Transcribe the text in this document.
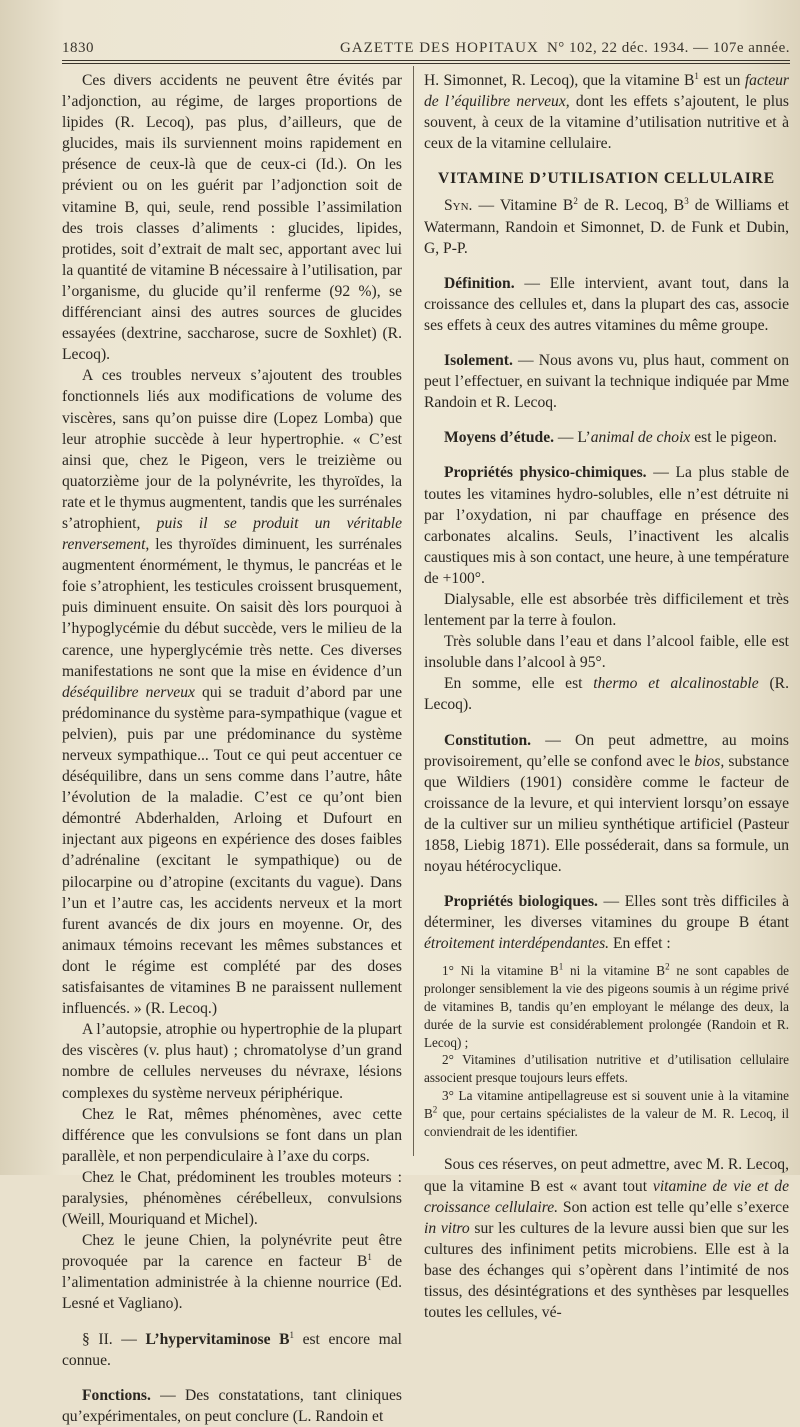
1830	GAZETTE DES HOPITAUX N° 102, 22 déc. 1934. — 107e année.

Ces divers accidents ne peuvent être évités par l’adjonction, au régime, de larges proportions de lipides (R. Lecoq), pas plus, d’ailleurs, que de glucides, mais ils surviennent moins rapidement en présence de ceux-là que de ceux-ci (Id.). On les prévient ou on les guérit par l’adjonction soit de vitamine B, qui, seule, rend possible l’assimilation des trois classes d’aliments : glucides, lipides, protides, soit d’extrait de malt sec, apportant avec lui la quantité de vitamine B nécessaire à l’utilisation, par l’organisme, du glucide qu’il renferme (92 %), se différenciant ainsi des autres sources de glucides essayées (dextrine, saccharose, sucre de Soxhlet) (R. Lecoq).

A ces troubles nerveux s’ajoutent des troubles fonctionnels liés aux modifications de volume des viscères, sans qu’on puisse dire (Lopez Lomba) que leur atrophie succède à leur hypertrophie. « C’est ainsi que, chez le Pigeon, vers le treizième ou quatorzième jour de la polynévrite, les thyroïdes, la rate et le thymus augmentent, tandis que les surrénales s’atrophient, puis il se produit un véritable renversement, les thyroïdes diminuent, les surrénales augmentent énormément, le thymus, le pancréas et le foie s’atrophient, les testicules croissent brusquement, puis diminuent ensuite. On saisit dès lors pourquoi à l’hypoglycémie du début succède, vers le milieu de la carence, une hyperglycémie très nette. Ces diverses manifestations ne sont que la mise en évidence d’un déséquilibre nerveux qui se traduit d’abord par une prédominance du système para-sympathique (vague et pelvien), puis par une prédominance du système nerveux sympathique... Tout ce qui peut accentuer ce déséquilibre, dans un sens comme dans l’autre, hâte l’évolution de la maladie. C’est ce qu’ont bien démontré Abderhalden, Arloing et Dufourt en injectant aux pigeons en expérience des doses faibles d’adrénaline (excitant le sympathique) ou de pilocarpine ou d’atropine (excitants du vague). Dans l’un et l’autre cas, les accidents nerveux et la mort furent avancés de dix jours en moyenne. Or, des animaux témoins recevant les mêmes substances et dont le régime est complété par des doses satisfaisantes de vitamines B ne paraissent nullement influencés. » (R. Lecoq.)

A l’autopsie, atrophie ou hypertrophie de la plupart des viscères (v. plus haut) ; chromatolyse d’un grand nombre de cellules nerveuses du névraxe, lésions complexes du système nerveux périphérique.

Chez le Rat, mêmes phénomènes, avec cette différence que les convulsions se font dans un plan parallèle, et non perpendiculaire à l’axe du corps.

Chez le Chat, prédominent les troubles moteurs : paralysies, phénomènes cérébelleux, convulsions (Weill, Mouriquand et Michel).

Chez le jeune Chien, la polynévrite peut être provoquée par la carence en facteur $B^1$ de l’alimentation administrée à la chienne nourrice (Ed. Lesné et Vagliano).

§ II. — L’hypervitaminose $B^1$ est encore mal connue.

Fonctions. — Des constatations, tant cliniques qu’expérimentales, on peut conclure (L. Randoin et

H. Simonnet, R. Lecoq), que la vitamine $B^1$ est un facteur de l’équilibre nerveux, dont les effets s’ajoutent, le plus souvent, à ceux de la vitamine d’utilisation nutritive et à ceux de la vitamine cellulaire.

VITAMINE D’UTILISATION CELLULAIRE

Syn. — Vitamine $B^2$ de R. Lecoq, $B^3$ de Williams et Watermann, Randoin et Simonnet, D. de Funk et Dubin, G, P-P.

Définition. — Elle intervient, avant tout, dans la croissance des cellules et, dans la plupart des cas, associe ses effets à ceux des autres vitamines du même groupe.

Isolement. — Nous avons vu, plus haut, comment on peut l’effectuer, en suivant la technique indiquée par Mme Randoin et R. Lecoq.

Moyens d’étude. — L’animal de choix est le pigeon.

Propriétés physico-chimiques. — La plus stable de toutes les vitamines hydro-solubles, elle n’est détruite ni par l’oxydation, ni par chauffage en présence des carbonates alcalins. Seuls, l’inactivent les alcalis caustiques mis à son contact, une heure, à une température de +100°.

Dialysable, elle est absorbée très difficilement et très lentement par la terre à foulon.

Très soluble dans l’eau et dans l’alcool faible, elle est insoluble dans l’alcool à 95°.

En somme, elle est thermo et alcalinostable (R. Lecoq).

Constitution. — On peut admettre, au moins provisoirement, qu’elle se confond avec le bios, substance que Wildiers (1901) considère comme le facteur de croissance de la levure, et qui intervient lorsqu’on essaye de la cultiver sur un milieu synthétique artificiel (Pasteur 1858, Liebig 1871). Elle posséderait, dans sa formule, un noyau hétérocyclique.

Propriétés biologiques. — Elles sont très difficiles à déterminer, les diverses vitamines du groupe B étant étroitement interdépendantes. En effet :

1° Ni la vitamine $B^1$ ni la vitamine $B^2$ ne sont capables de prolonger sensiblement la vie des pigeons soumis à un régime privé de vitamines B, tandis qu’en employant le mélange des deux, la durée de la survie est considérablement prolongée (Randoin et R. Lecoq) ;

2° Vitamines d’utilisation nutritive et d’utilisation cellulaire associent presque toujours leurs effets.

3° La vitamine antipellagreuse est si souvent unie à la vitamine $B^2$ que, pour certains spécialistes de la valeur de M. R. Lecoq, il conviendrait de les identifier.

Sous ces réserves, on peut admettre, avec M. R. Lecoq, que la vitamine B est « avant tout vitamine de vie et de croissance cellulaire. Son action est telle qu’elle s’exerce in vitro sur les cultures de la levure aussi bien que sur les cultures des infiniment petits microbiens. Elle est à la base des échanges qui s’opèrent dans l’intimité de nos tissus, des désintégrations et des synthèses par lesquelles toutes les cellules, vé-
